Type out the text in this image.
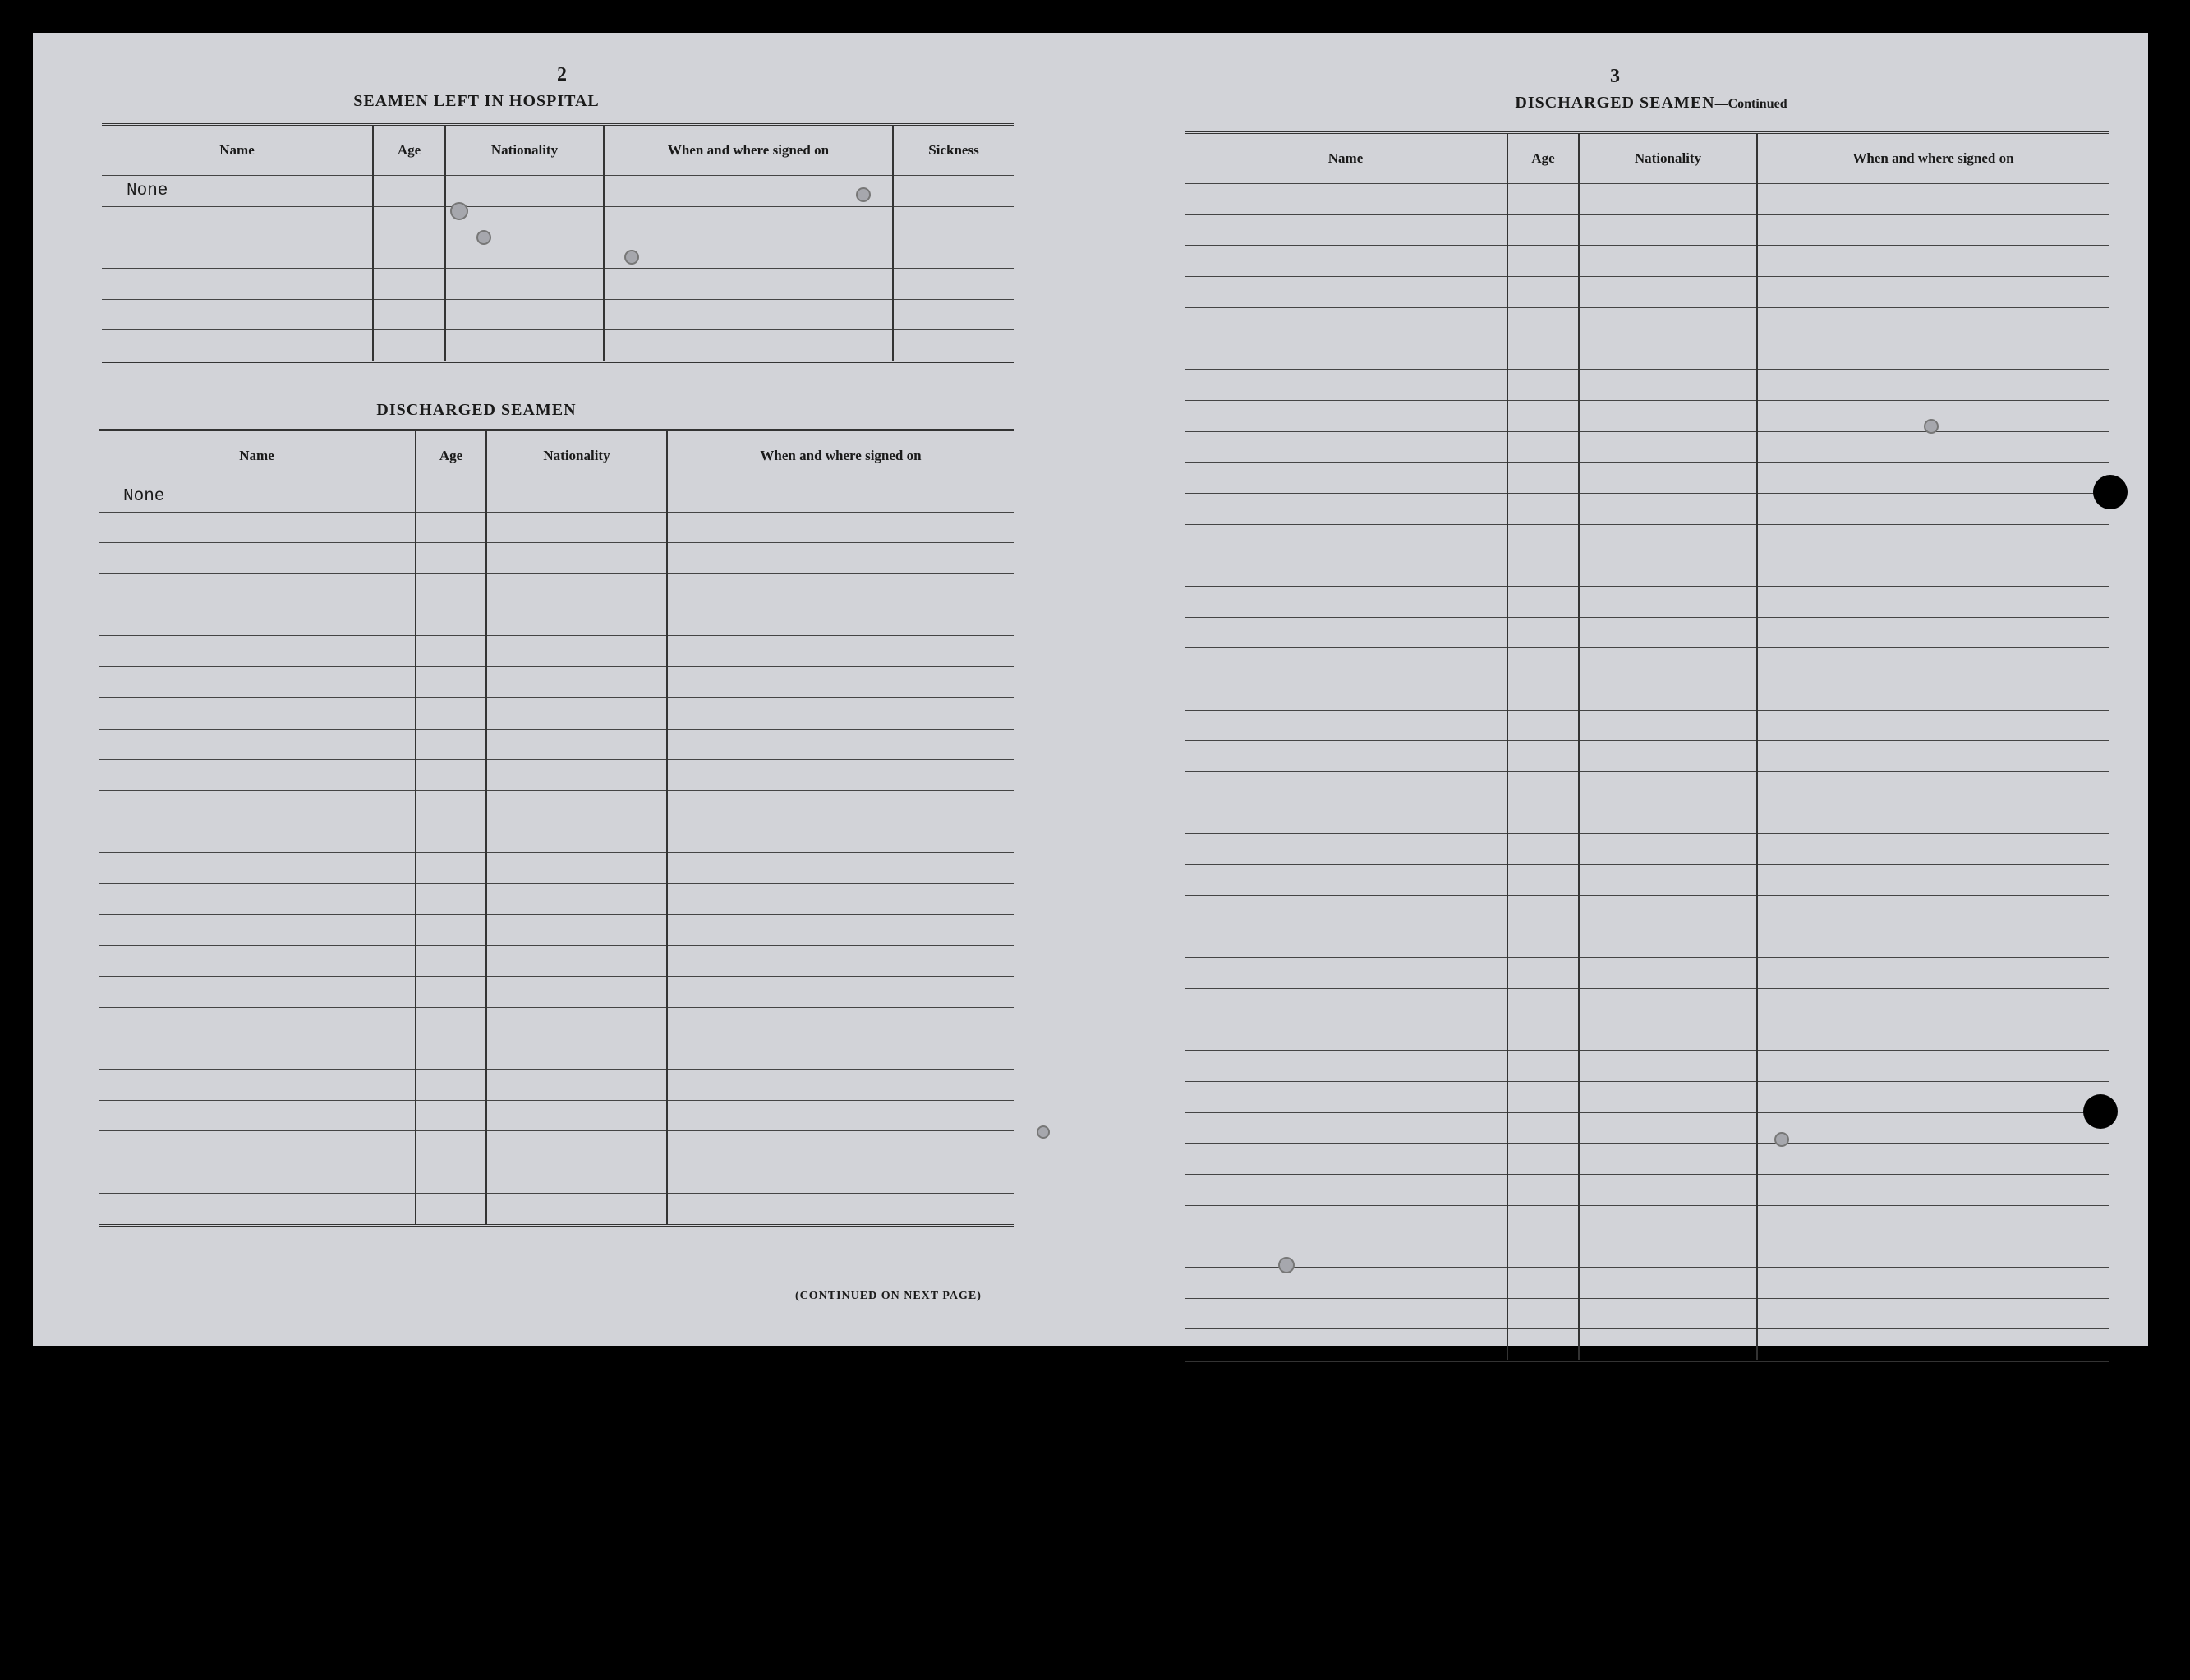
2
SEAMEN LEFT IN HOSPITAL
Name	Age	Nationality	When and where signed on	Sickness
None				

DISCHARGED SEAMEN
Name	Age	Nationality	When and where signed on
None			

(CONTINUED ON NEXT PAGE)
3
DISCHARGED SEAMEN—Continued
Name	Age	Nationality	When and where signed on
